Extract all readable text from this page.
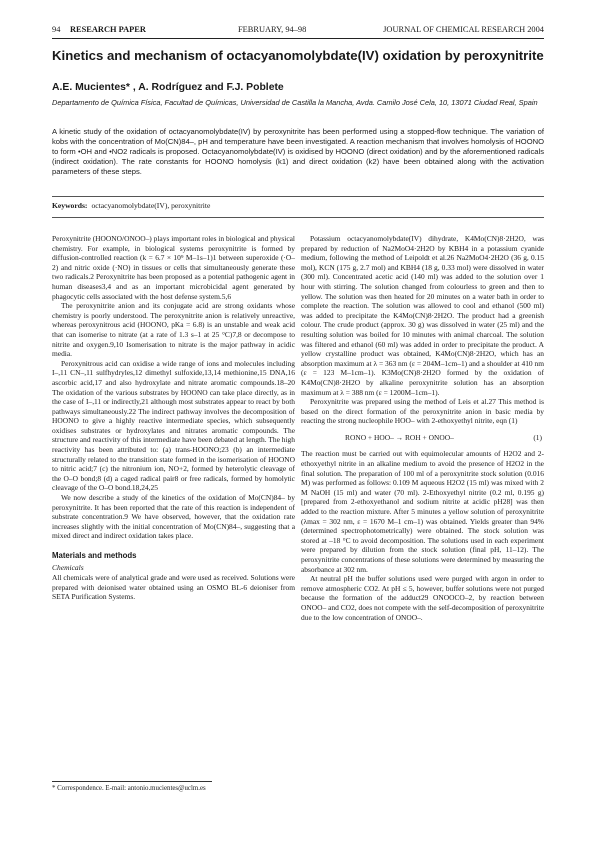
94 RESEARCH PAPER	FEBRUARY, 94–98	JOURNAL OF CHEMICAL RESEARCH 2004
Kinetics and mechanism of octacyanomolybdate(IV) oxidation by peroxynitrite
A.E. Mucientes* , A. Rodríguez and F.J. Poblete
Departamento de Química Física, Facultad de Químicas, Universidad de Castilla la Mancha, Avda. Camilo José Cela, 10, 13071 Ciudad Real, Spain
A kinetic study of the oxidation of octacyanomolybdate(IV) by peroxynitrite has been performed using a stopped-flow technique. The variation of kobs with the concentration of Mo(CN)84–, pH and temperature have been investigated. A reaction mechanism that involves homolysis of HOONO to form •OH and •NO2 radicals is proposed. Octacyanomolybdate(IV) is oxidised by HOONO (direct oxidation) and by the aforementioned radicals (indirect oxidation). The rate constants for HOONO homolysis (k1) and direct oxidation (k2) have been obtained along with the activation parameters of these steps.
Keywords: octacyanomolybdate(IV), peroxynitrite

Peroxynitrite (HOONO/ONOO–) plays important roles in biological and physical chemistry. For example, in biological systems peroxynitrite is formed by diffusion-controlled reaction (k = 6.7 × 10⁹ M–1s–1)1 between superoxide (·O–2) and nitric oxide (·NO) in tissues or cells that simultaneously generate these two radicals.2 Peroxynitrite has been proposed as a potential pathogenic agent in human diseases3,4 and as an important microbicidal agent generated by phagocytic cells associated with the host defense system.5,6

The peroxynitrite anion and its conjugate acid are strong oxidants whose chemistry is poorly understood. The peroxynitrite anion is relatively unreactive, whereas peroxynitrous acid (HOONO, pKa = 6.8) is an unstable and weak acid that can isomerise to nitrate (at a rate of 1.3 s–1 at 25 °C)7,8 or decompose to nitrite and oxygen.9,10 Isomerisation to nitrate is the major pathway in acidic media.

Peroxynitrous acid can oxidise a wide range of ions and molecules including I–,11 CN–,11 sulfhydryles,12 dimethyl sulfoxide,13,14 methionine,15 DNA,16 ascorbic acid,17 and also hydroxylate and nitrate aromatic compounds.18–20 The oxidation of the various substrates by HOONO can take place directly, as in the case of I–,11 or indirectly,21 although most substrates appear to react by both pathways simultaneously.22 The indirect pathway involves the decomposition of HOONO to give a highly reactive intermediate species, which subsequently oxidises substrates or hydroxylates and nitrates aromatic compounds. The structure and reactivity of this intermediate have been debated at length. The high reactivity has been attributed to: (a) trans-HOONO;23 (b) an intermediate structurally related to the transition state formed in the isomerisation of HOONO to nitric acid;7 (c) the nitronium ion, NO+2, formed by heterolytic cleavage of the O–O bond;8 (d) a caged radical pair8 or free radicals, formed by homolytic cleavage of the O–O bond.18,24,25

We now describe a study of the kinetics of the oxidation of Mo(CN)84– by peroxynitrite. It has been reported that the rate of this reaction is independent of substrate concentration.9 We have observed, however, that the oxidation rate increases slightly with the initial concentration of Mo(CN)84–, suggesting that a mixed direct and indirect oxidation takes place.

Materials and methods
Chemicals

All chemicals were of analytical grade and were used as received. Solutions were prepared with deionised water obtained using an OSMO BL-6 deioniser from SETA Purification Systems.

Potassium octacyanomolybdate(IV) dihydrate, K4Mo(CN)8·2H2O, was prepared by reduction of Na2MoO4·2H2O by KBH4 in a potassium cyanide medium, following the method of Leipoldt et al.26 Na2MoO4·2H2O (36 g, 0.15 mol), KCN (175 g, 2.7 mol) and KBH4 (18 g, 0.33 mol) were dissolved in water (300 ml). Concentrated acetic acid (140 ml) was added to the solution over 1 hour with stirring. The solution changed from colourless to green and then to yellow. The solution was then heated for 20 minutes on a water bath in order to complete the reaction. The solution was allowed to cool and ethanol (500 ml) was added to precipitate the K4Mo(CN)8·2H2O. The product had a greenish colour. The crude product (approx. 30 g) was dissolved in water (25 ml) and the resulting solution was boiled for 10 minutes with animal charcoal. The solution was filtered and ethanol (60 ml) was added in order to precipitate the product. A yellow crystalline product was obtained, K4Mo(CN)8·2H2O, which has an absorption maximum at λ = 363 nm (ε = 204M–1cm–1) and a shoulder at 410 nm (ε = 123 M–1cm–1). K3Mo(CN)8·2H2O formed by the oxidation of K4Mo(CN)8·2H2O by alkaline peroxynitrite solution has an absorption maximum at λ = 388 nm (ε = 1200M–1cm–1).

Peroxynitrite was prepared using the method of Leis et al.27 This method is based on the direct formation of the peroxynitrite anion in basic media by reacting the strong nucleophile HOO– with 2-ethoxyethyl nitrite, eqn (1)

RONO + HOO– → ROH + ONOO–	(1)

The reaction must be carried out with equimolecular amounts of H2O2 and 2-ethoxyethyl nitrite in an alkaline medium to avoid the presence of H2O2 in the final solution. The preparation of 100 ml of a peroxynitrite stock solution (0.016 M) was performed as follows: 0.109 M aqueous H2O2 (15 ml) was mixed with 2 M NaOH (15 ml) and water (70 ml). 2-Ethoxyethyl nitrite (0.2 ml, 0.195 g) [prepared from 2-ethoxyethanol and sodium nitrite at acidic pH28] was then added to the reaction mixture. After 5 minutes a yellow solution of peroxynitrite (λmax = 302 nm, ε = 1670 M–1 cm–1) was obtained. Yields greater than 94% (determined spectrophotometrically) were obtained. The stock solution was stored at –18 °C to avoid decomposition. The solutions used in each experiment were prepared by dilution from the stock solution (final pH, 11–12). The peroxynitrite concentrations of these solutions were determined by measuring the absorbance at 302 nm.

At neutral pH the buffer solutions used were purged with argon in order to remove atmospheric CO2. At pH ≤ 5, however, buffer solutions were not purged because the formation of the adduct29 ONOOCO–2, by reaction between ONOO– and CO2, does not compete with the self-decomposition of peroxynitrite due to the low concentration of ONOO–.

* Correspondence. E-mail: antonio.mucientes@uclm.es
